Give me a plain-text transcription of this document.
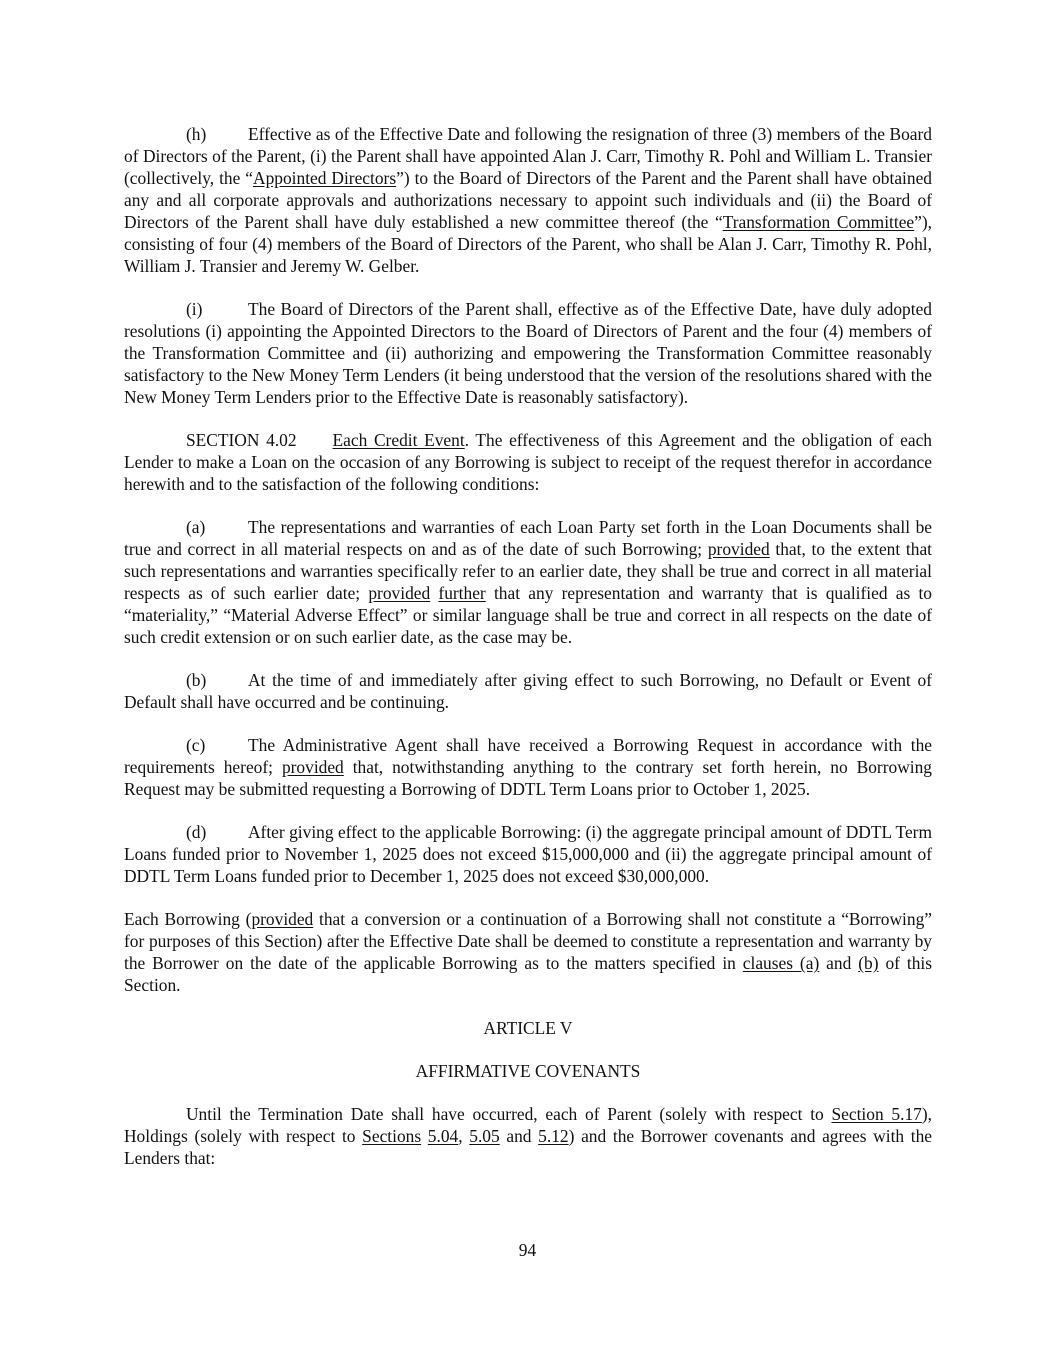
(h) Effective as of the Effective Date and following the resignation of three (3) members of the Board of Directors of the Parent, (i) the Parent shall have appointed Alan J. Carr, Timothy R. Pohl and William L. Transier (collectively, the “Appointed Directors”) to the Board of Directors of the Parent and the Parent shall have obtained any and all corporate approvals and authorizations necessary to appoint such individuals and (ii) the Board of Directors of the Parent shall have duly established a new committee thereof (the “Transformation Committee”), consisting of four (4) members of the Board of Directors of the Parent, who shall be Alan J. Carr, Timothy R. Pohl, William J. Transier and Jeremy W. Gelber.

(i)	The Board of Directors of the Parent shall, effective as of the Effective Date, have duly adopted resolutions (i) appointing the Appointed Directors to the Board of Directors of Parent and the four (4) members of the Transformation Committee and (ii) authorizing and empowering the Transformation Committee reasonably satisfactory to the New Money Term Lenders (it being understood that the version of the resolutions shared with the New Money Term Lenders prior to the Effective Date is reasonably satisfactory).

SECTION 4.02 Each Credit Event. The effectiveness of this Agreement and the obligation of each Lender to make a Loan on the occasion of any Borrowing is subject to receipt of the request therefor in accordance herewith and to the satisfaction of the following conditions:

(a) The representations and warranties of each Loan Party set forth in the Loan Documents shall be true and correct in all material respects on and as of the date of such Borrowing; provided that, to the extent that such representations and warranties specifically refer to an earlier date, they shall be true and correct in all material respects as of such earlier date; provided further that any representation and warranty that is qualified as to “materiality,” “Material Adverse Effect” or similar language shall be true and correct in all respects on the date of such credit extension or on such earlier date, as the case may be.

(b) At the time of and immediately after giving effect to such Borrowing, no Default or Event of Default shall have occurred and be continuing.

(c) The Administrative Agent shall have received a Borrowing Request in accordance with the requirements hereof; provided that, notwithstanding anything to the contrary set forth herein, no Borrowing Request may be submitted requesting a Borrowing of DDTL Term Loans prior to October 1, 2025.

(d) After giving effect to the applicable Borrowing: (i) the aggregate principal amount of DDTL Term Loans funded prior to November 1, 2025 does not exceed $15,000,000 and (ii) the aggregate principal amount of DDTL Term Loans funded prior to December 1, 2025 does not exceed $30,000,000.

Each Borrowing (provided that a conversion or a continuation of a Borrowing shall not constitute a “Borrowing” for purposes of this Section) after the Effective Date shall be deemed to constitute a representation and warranty by the Borrower on the date of the applicable Borrowing as to the matters specified in clauses (a) and (b) of this Section.

ARTICLE V
AFFIRMATIVE COVENANTS

Until the Termination Date shall have occurred, each of Parent (solely with respect to Section 5.17), Holdings (solely with respect to Sections 5.04, 5.05 and 5.12) and the Borrower covenants and agrees with the Lenders that:

94
